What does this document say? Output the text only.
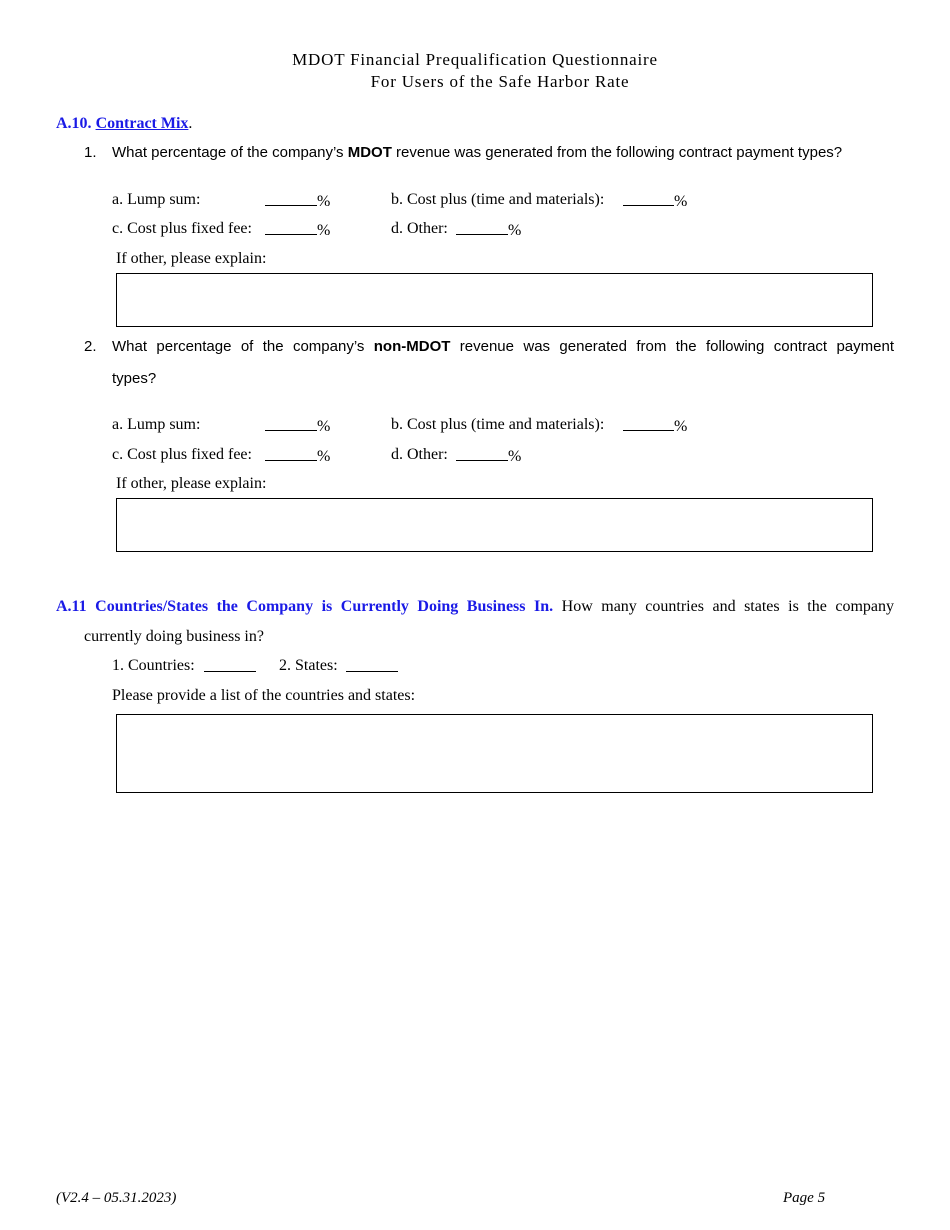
MDOT Financial Prequalification Questionnaire
For Users of the Safe Harbor Rate
A.10. Contract Mix.
1. What percentage of the company’s MDOT revenue was generated from the following contract payment types?
a. Lump sum:	%	b. Cost plus (time and materials):	%
c. Cost plus fixed fee:	%	d. Other:	%
If other, please explain:
2. What percentage of the company’s non-MDOT revenue was generated from the following contract payment
types?
a. Lump sum:	%	b. Cost plus (time and materials):	%
c. Cost plus fixed fee:	%	d. Other:	%
If other, please explain:
A.11 Countries/States the Company is Currently Doing Business In. How many countries and states is the company
currently doing business in?
1. Countries:	2. States:
Please provide a list of the countries and states:
(V2.4 – 05.31.2023)	Page 5
